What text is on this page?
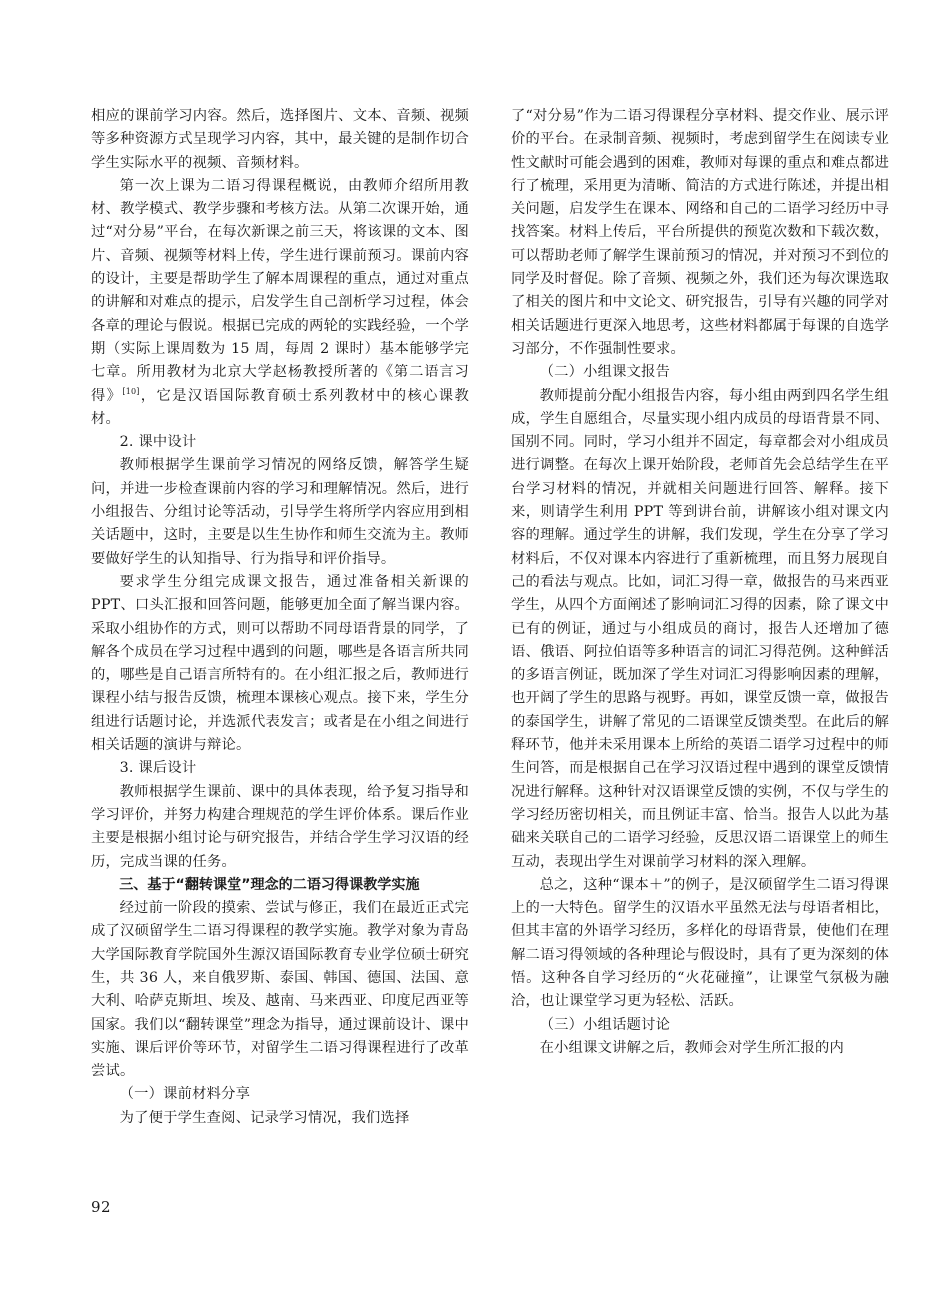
相应的课前学习内容。然后，选择图片、文本、音频、视频等多种资源方式呈现学习内容，其中，最关键的是制作切合学生实际水平的视频、音频材料。

第一次上课为二语习得课程概说，由教师介绍所用教材、教学模式、教学步骤和考核方法。从第二次课开始，通过“对分易”平台，在每次新课之前三天，将该课的文本、图片、音频、视频等材料上传，学生进行课前预习。课前内容的设计，主要是帮助学生了解本周课程的重点，通过对重点的讲解和对难点的提示，启发学生自己剖析学习过程，体会各章的理论与假说。根据已完成的两轮的实践经验，一个学期（实际上课周数为 15 周，每周 2 课时）基本能够学完七章。所用教材为北京大学赵杨教授所著的《第二语言习得》[10]，它是汉语国际教育硕士系列教材中的核心课教材。

2. 课中设计

教师根据学生课前学习情况的网络反馈，解答学生疑问，并进一步检查课前内容的学习和理解情况。然后，进行小组报告、分组讨论等活动，引导学生将所学内容应用到相关话题中，这时，主要是以生生协作和师生交流为主。教师要做好学生的认知指导、行为指导和评价指导。

要求学生分组完成课文报告，通过准备相关新课的 PPT、口头汇报和回答问题，能够更加全面了解当课内容。采取小组协作的方式，则可以帮助不同母语背景的同学，了解各个成员在学习过程中遇到的问题，哪些是各语言所共同的，哪些是自己语言所特有的。在小组汇报之后，教师进行课程小结与报告反馈，梳理本课核心观点。接下来，学生分组进行话题讨论，并选派代表发言；或者是在小组之间进行相关话题的演讲与辩论。

3. 课后设计

教师根据学生课前、课中的具体表现，给予复习指导和学习评价，并努力构建合理规范的学生评价体系。课后作业主要是根据小组讨论与研究报告，并结合学生学习汉语的经历，完成当课的任务。

三、基于“翻转课堂”理念的二语习得课教学实施

经过前一阶段的摸索、尝试与修正，我们在最近正式完成了汉硕留学生二语习得课程的教学实施。教学对象为青岛大学国际教育学院国外生源汉语国际教育专业学位硕士研究生，共 36 人，来自俄罗斯、泰国、韩国、德国、法国、意大利、哈萨克斯坦、埃及、越南、马来西亚、印度尼西亚等国家。我们以“翻转课堂”理念为指导，通过课前设计、课中实施、课后评价等环节，对留学生二语习得课程进行了改革尝试。

（一）课前材料分享

为了便于学生查阅、记录学习情况，我们选择

了“对分易”作为二语习得课程分享材料、提交作业、展示评价的平台。在录制音频、视频时，考虑到留学生在阅读专业性文献时可能会遇到的困难，教师对每课的重点和难点都进行了梳理，采用更为清晰、简洁的方式进行陈述，并提出相关问题，启发学生在课本、网络和自己的二语学习经历中寻找答案。材料上传后，平台所提供的预览次数和下载次数，可以帮助老师了解学生课前预习的情况，并对预习不到位的同学及时督促。除了音频、视频之外，我们还为每次课选取了相关的图片和中文论文、研究报告，引导有兴趣的同学对相关话题进行更深入地思考，这些材料都属于每课的自选学习部分，不作强制性要求。

（二）小组课文报告

教师提前分配小组报告内容，每小组由两到四名学生组成，学生自愿组合，尽量实现小组内成员的母语背景不同、国别不同。同时，学习小组并不固定，每章都会对小组成员进行调整。在每次上课开始阶段，老师首先会总结学生在平台学习材料的情况，并就相关问题进行回答、解释。接下来，则请学生利用 PPT 等到讲台前，讲解该小组对课文内容的理解。通过学生的讲解，我们发现，学生在分享了学习材料后，不仅对课本内容进行了重新梳理，而且努力展现自己的看法与观点。比如，词汇习得一章，做报告的马来西亚学生，从四个方面阐述了影响词汇习得的因素，除了课文中已有的例证，通过与小组成员的商讨，报告人还增加了德语、俄语、阿拉伯语等多种语言的词汇习得范例。这种鲜活的多语言例证，既加深了学生对词汇习得影响因素的理解，也开阔了学生的思路与视野。再如，课堂反馈一章，做报告的泰国学生，讲解了常见的二语课堂反馈类型。在此后的解释环节，他并未采用课本上所给的英语二语学习过程中的师生问答，而是根据自己在学习汉语过程中遇到的课堂反馈情况进行解释。这种针对汉语课堂反馈的实例，不仅与学生的学习经历密切相关，而且例证丰富、恰当。报告人以此为基础来关联自己的二语学习经验，反思汉语二语课堂上的师生互动，表现出学生对课前学习材料的深入理解。

总之，这种“课本＋”的例子，是汉硕留学生二语习得课上的一大特色。留学生的汉语水平虽然无法与母语者相比，但其丰富的外语学习经历，多样化的母语背景，使他们在理解二语习得领域的各种理论与假设时，具有了更为深刻的体悟。这种各自学习经历的“火花碰撞”，让课堂气氛极为融洽，也让课堂学习更为轻松、活跃。

（三）小组话题讨论

在小组课文讲解之后，教师会对学生所汇报的内

92
